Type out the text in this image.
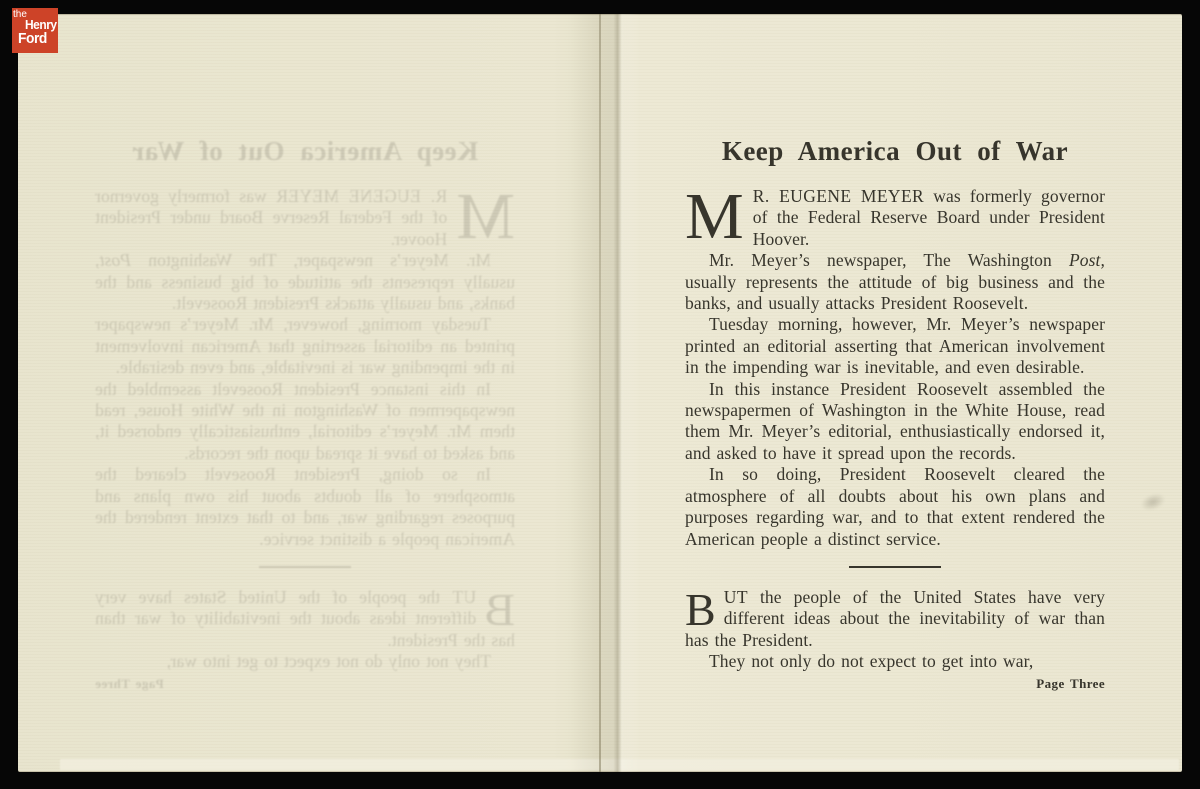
Keep America Out of War

M
R. EUGENE MEYER was formerly governor of the Federal Reserve Board under President Hoover.

Mr. Meyer’s newspaper, The Washington Post, usually represents the attitude of big business and the banks, and usually attacks President Roosevelt.

Tuesday morning, however, Mr. Meyer’s newspaper printed an editorial asserting that American involvement in the impending war is inevitable, and even desirable.

In this instance President Roosevelt assembled the newspapermen of Washington in the White House, read them Mr. Meyer’s editorial, enthusiastically endorsed it, and asked to have it spread upon the records.

In so doing, President Roosevelt cleared the atmosphere of all doubts about his own plans and purposes regarding war, and to that extent rendered the American people a distinct service.

B
UT the people of the United States have very different ideas about the inevitability of war than has the President.

They not only do not expect to get into war,

Page Three
Keep America Out of War

M R. EUGENE MEYER was formerly governor of the Federal Reserve Board under President Hoover.

Mr. Meyer’s newspaper, The Washington Post, usually represents the attitude of big business and the banks, and usually attacks President Roosevelt.

Tuesday morning, however, Mr. Meyer’s newspaper printed an editorial asserting that American involvement in the impending war is inevitable, and even desirable.

In this instance President Roosevelt assembled the newspapermen of Washington in the White House, read them Mr. Meyer’s editorial, enthusiastically endorsed it, and asked to have it spread upon the records.

In so doing, President Roosevelt cleared the atmosphere of all doubts about his own plans and purposes regarding war, and to that extent rendered the American people a distinct service.

BUT the people of the United States have very different ideas about the inevitability of war than has the President.

They not only do not expect to get into war,

Page Three
the
Henry
Ford
